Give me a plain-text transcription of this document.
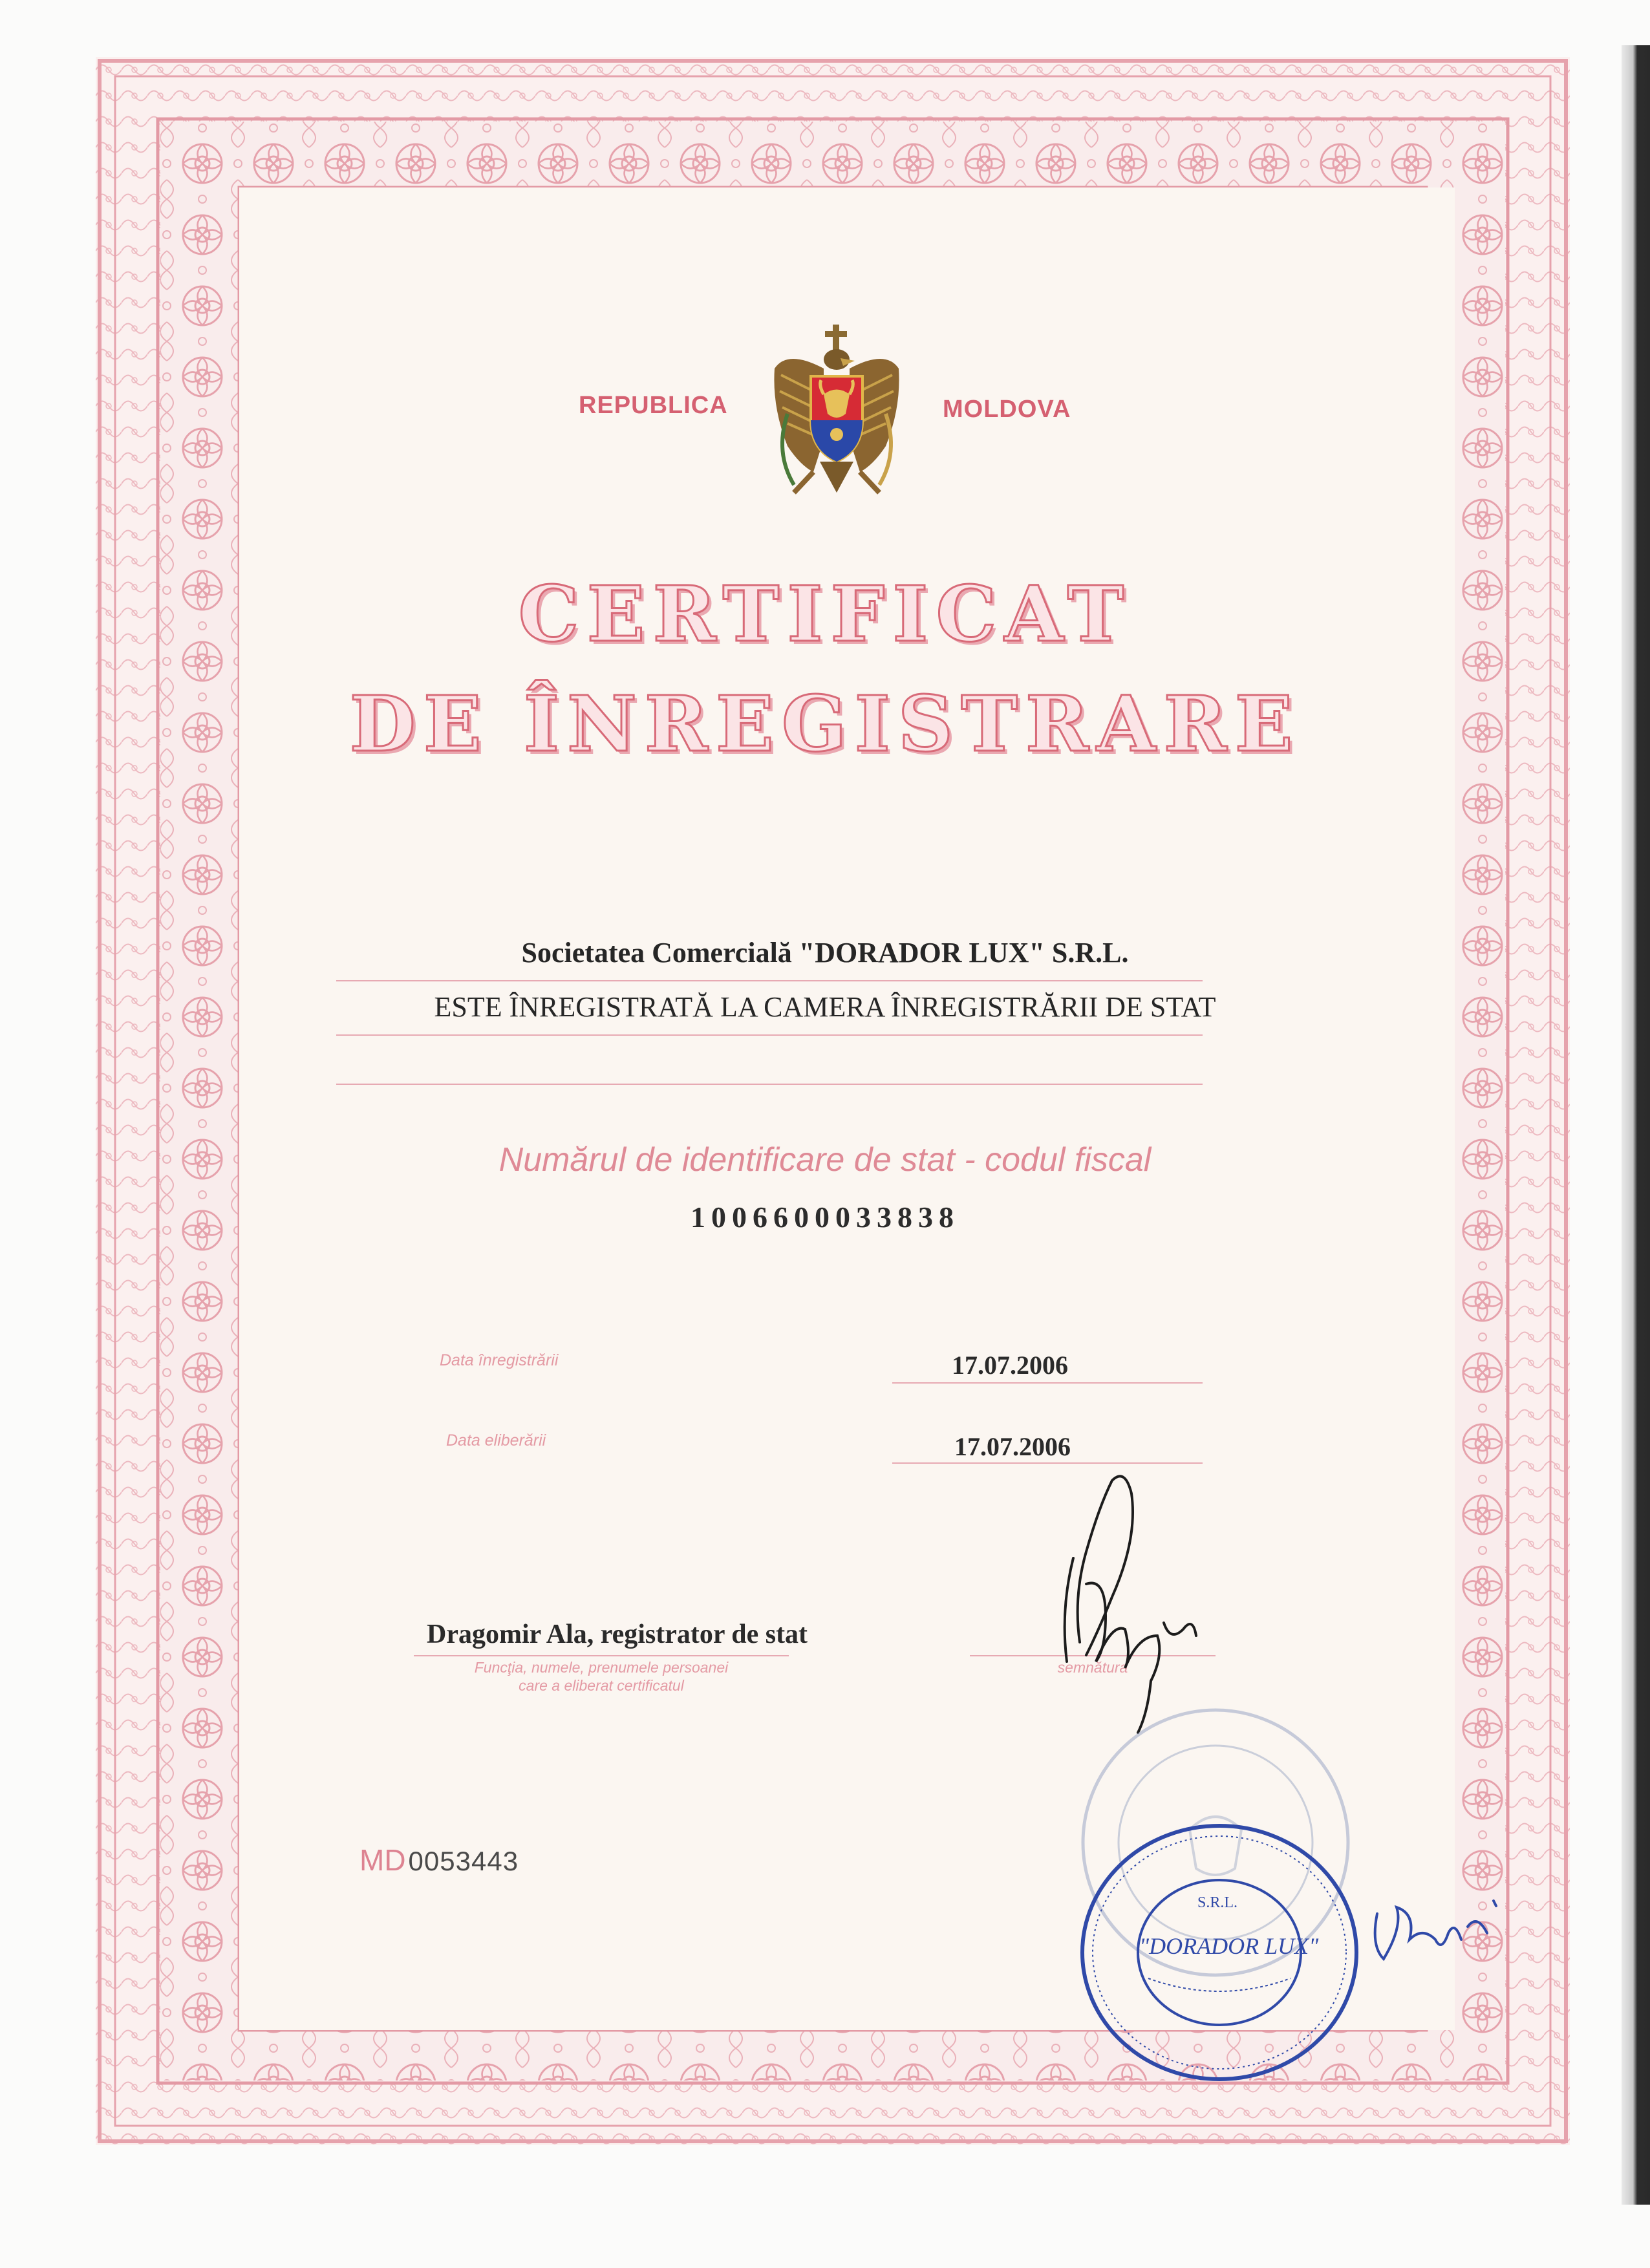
REPUBLICA	MOLDOVA
CERTIFICAT
DE ÎNREGISTRARE
Societatea Comercială "DORADOR LUX" S.R.L.
ESTE ÎNREGISTRATĂ LA CAMERA ÎNREGISTRĂRII DE STAT
Numărul de identificare de stat - codul fiscal
1006600033838
Data înregistrării	17.07.2006
Data eliberării	17.07.2006
Dragomir Ala, registrator de stat
Funcţia, numele, prenumele persoanei
care a eliberat certificatul
semnătura
MD 0053443
S.R.L.
"DORADOR LUX"
